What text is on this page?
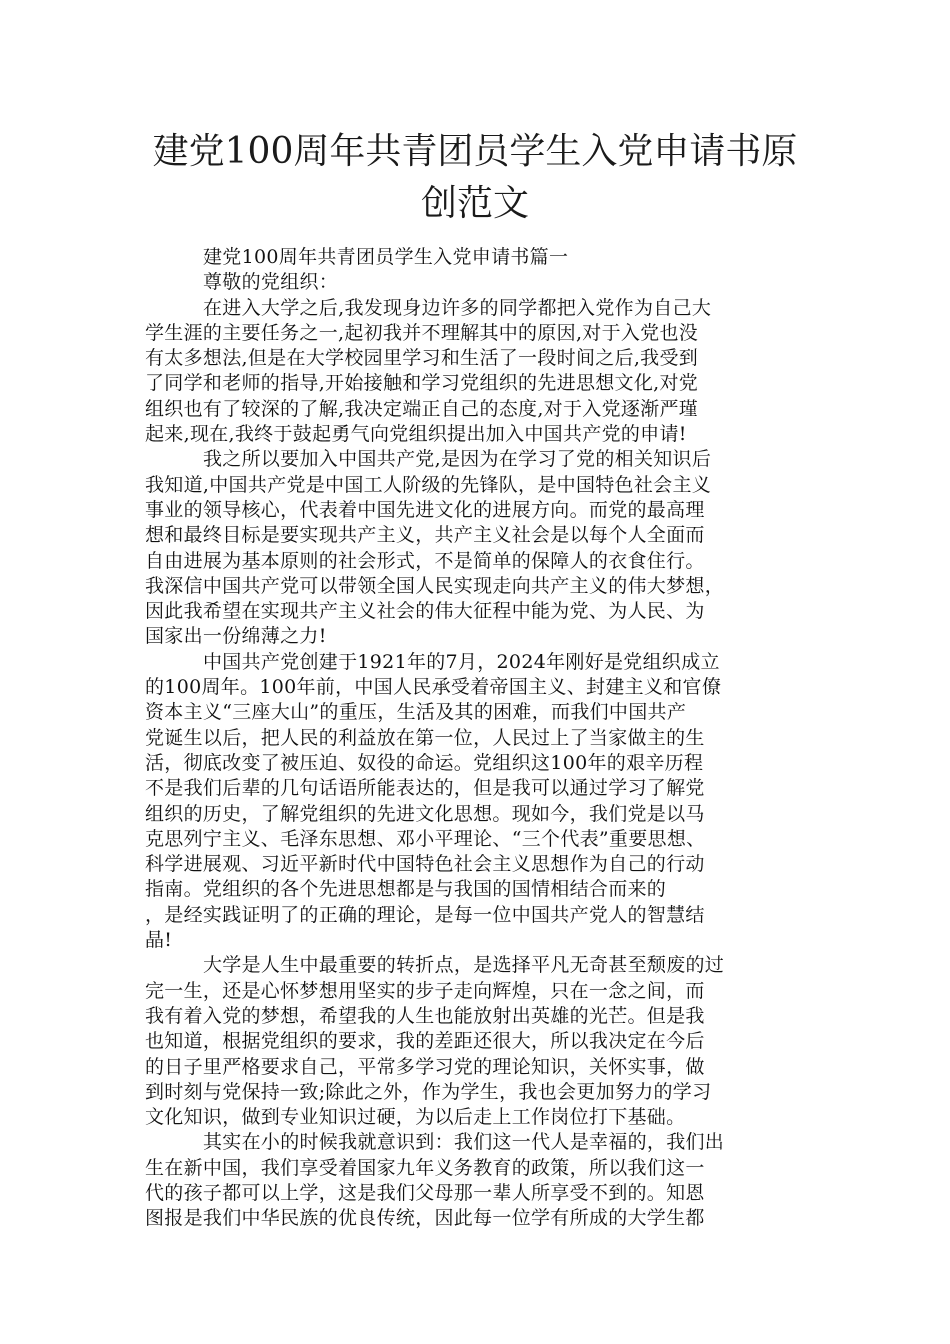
建党100周年共青团员学生入党申请书原
创范文

建党100周年共青团员学生入党申请书篇一

尊敬的党组织：

在进入大学之后,我发现身边许多的同学都把入党作为自己大

学生涯的主要任务之一,起初我并不理解其中的原因,对于入党也没

有太多想法,但是在大学校园里学习和生活了一段时间之后,我受到

了同学和老师的指导,开始接触和学习党组织的先进思想文化,对党

组织也有了较深的了解,我决定端正自己的态度,对于入党逐渐严瑾

起来,现在,我终于鼓起勇气向党组织提出加入中国共产党的申请!

我之所以要加入中国共产党,是因为在学习了党的相关知识后

我知道,中国共产党是中国工人阶级的先锋队，是中国特色社会主义

事业的领导核心，代表着中国先进文化的进展方向。而党的最高理

想和最终目标是要实现共产主义，共产主义社会是以每个人全面而

自由进展为基本原则的社会形式，不是简单的保障人的衣食住行。

我深信中国共产党可以带领全国人民实现走向共产主义的伟大梦想，

因此我希望在实现共产主义社会的伟大征程中能为党、为人民、为

国家出一份绵薄之力!

中国共产党创建于1921年的7月，2024年刚好是党组织成立

的100周年。100年前，中国人民承受着帝国主义、封建主义和官僚

资本主义“三座大山”的重压，生活及其的困难，而我们中国共产

党诞生以后，把人民的利益放在第一位，人民过上了当家做主的生

活，彻底改变了被压迫、奴役的命运。党组织这100年的艰辛历程

不是我们后辈的几句话语所能表达的，但是我可以通过学习了解党

组织的历史，了解党组织的先进文化思想。现如今，我们党是以马

克思列宁主义、毛泽东思想、邓小平理论、“三个代表”重要思想、

科学进展观、习近平新时代中国特色社会主义思想作为自己的行动

指南。党组织的各个先进思想都是与我国的国情相结合而来的

，是经实践证明了的正确的理论，是每一位中国共产党人的智慧结

晶!

大学是人生中最重要的转折点，是选择平凡无奇甚至颓废的过

完一生，还是心怀梦想用坚实的步子走向辉煌，只在一念之间，而

我有着入党的梦想，希望我的人生也能放射出英雄的光芒。但是我

也知道，根据党组织的要求，我的差距还很大，所以我决定在今后

的日子里严格要求自己，平常多学习党的理论知识，关怀实事，做

到时刻与党保持一致;除此之外，作为学生，我也会更加努力的学习

文化知识，做到专业知识过硬，为以后走上工作岗位打下基础。

其实在小的时候我就意识到：我们这一代人是幸福的，我们出

生在新中国，我们享受着国家九年义务教育的政策，所以我们这一

代的孩子都可以上学，这是我们父母那一辈人所享受不到的。知恩

图报是我们中华民族的优良传统，因此每一位学有所成的大学生都
